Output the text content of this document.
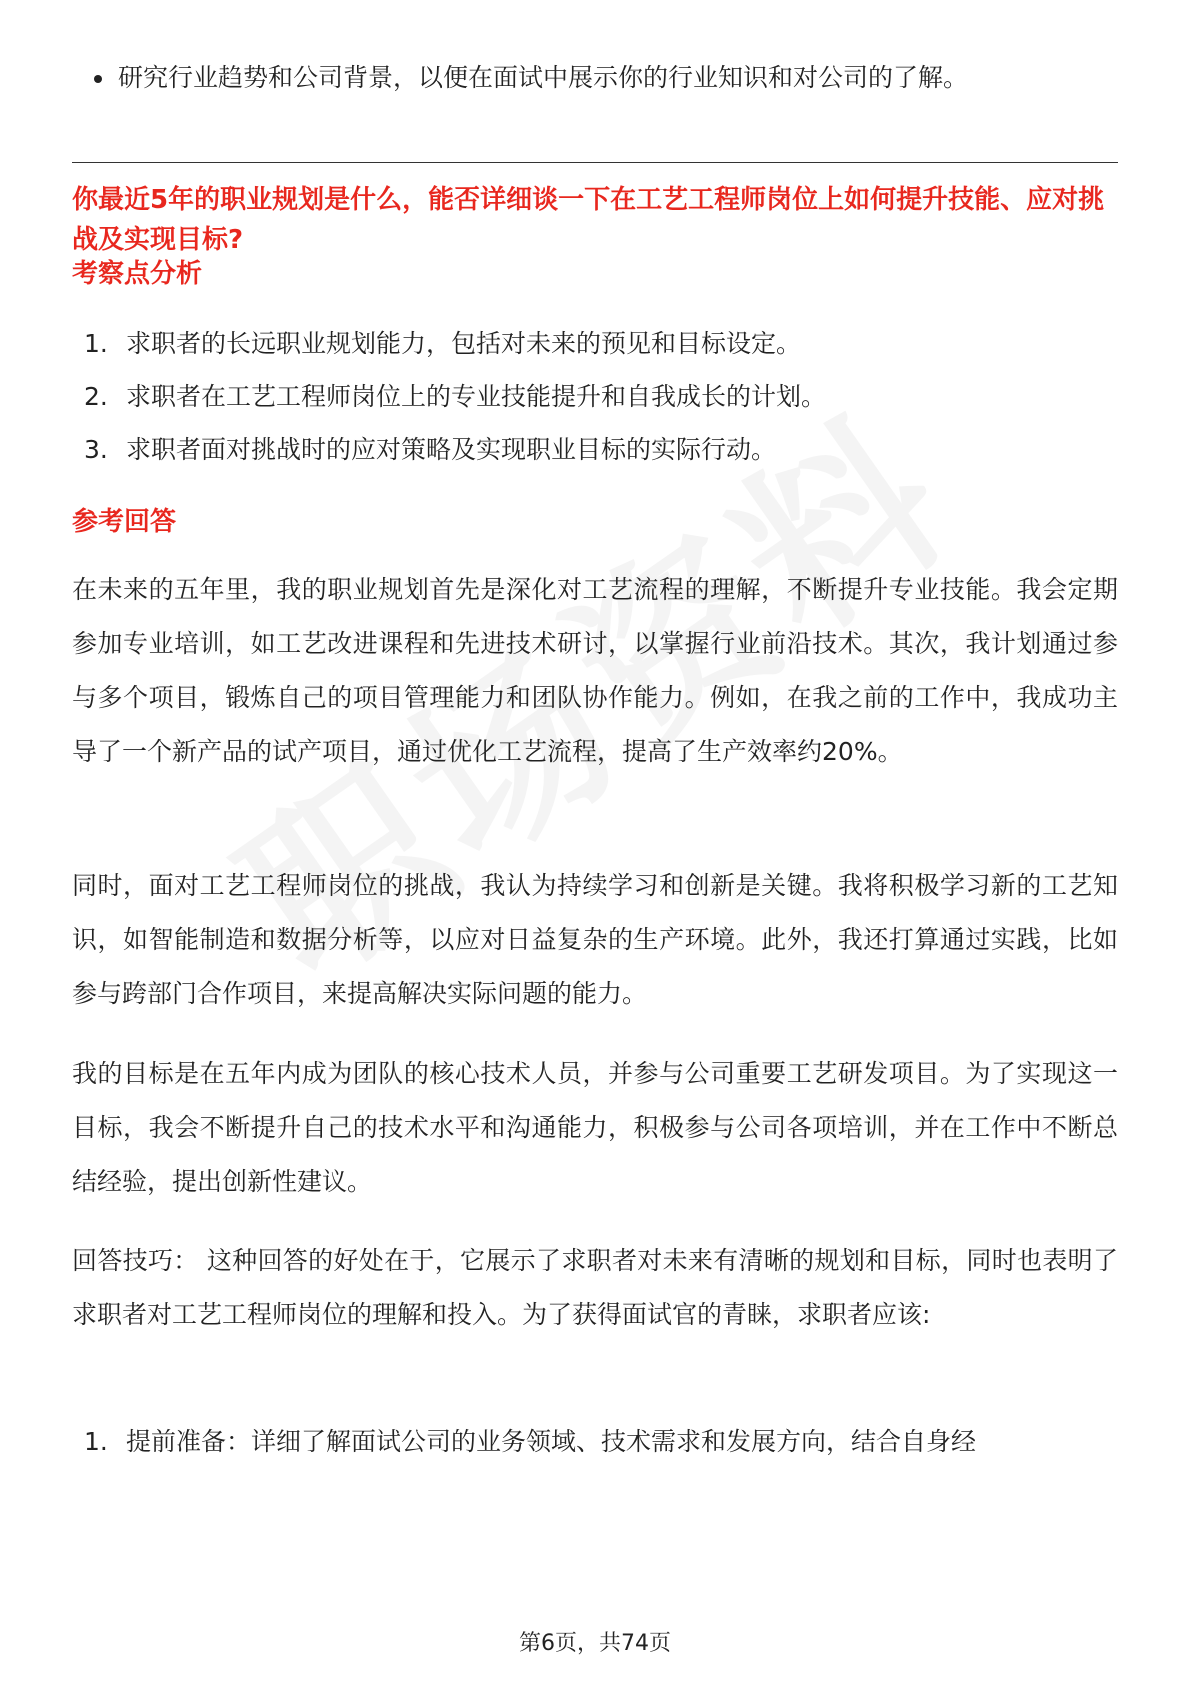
研究行业趋势和公司背景，以便在面试中展示你的行业知识和对公司的了解。
你最近5年的职业规划是什么，能否详细谈一下在工艺工程师岗位上如何提升技能、应对挑战及实现目标?
考察点分析
1. 求职者的长远职业规划能力，包括对未来的预见和目标设定。
2. 求职者在工艺工程师岗位上的专业技能提升和自我成长的计划。
3. 求职者面对挑战时的应对策略及实现职业目标的实际行动。
参考回答

在未来的五年里，我的职业规划首先是深化对工艺流程的理解，不断提升专业技能。我会定期参加专业培训，如工艺改进课程和先进技术研讨，以掌握行业前沿技术。其次，我计划通过参与多个项目，锻炼自己的项目管理能力和团队协作能力。例如，在我之前的工作中，我成功主导了一个新产品的试产项目，通过优化工艺流程，提高了生产效率约20%。

同时，面对工艺工程师岗位的挑战，我认为持续学习和创新是关键。我将积极学习新的工艺知识，如智能制造和数据分析等，以应对日益复杂的生产环境。此外，我还打算通过实践，比如参与跨部门合作项目，来提高解决实际问题的能力。

我的目标是在五年内成为团队的核心技术人员，并参与公司重要工艺研发项目。为了实现这一目标，我会不断提升自己的技术水平和沟通能力，积极参与公司各项培训，并在工作中不断总结经验，提出创新性建议。

回答技巧： 这种回答的好处在于，它展示了求职者对未来有清晰的规划和目标，同时也表明了求职者对工艺工程师岗位的理解和投入。为了获得面试官的青睐，求职者应该:

1. 提前准备：详细了解面试公司的业务领域、技术需求和发展方向，结合自身经
第6页，共74页
